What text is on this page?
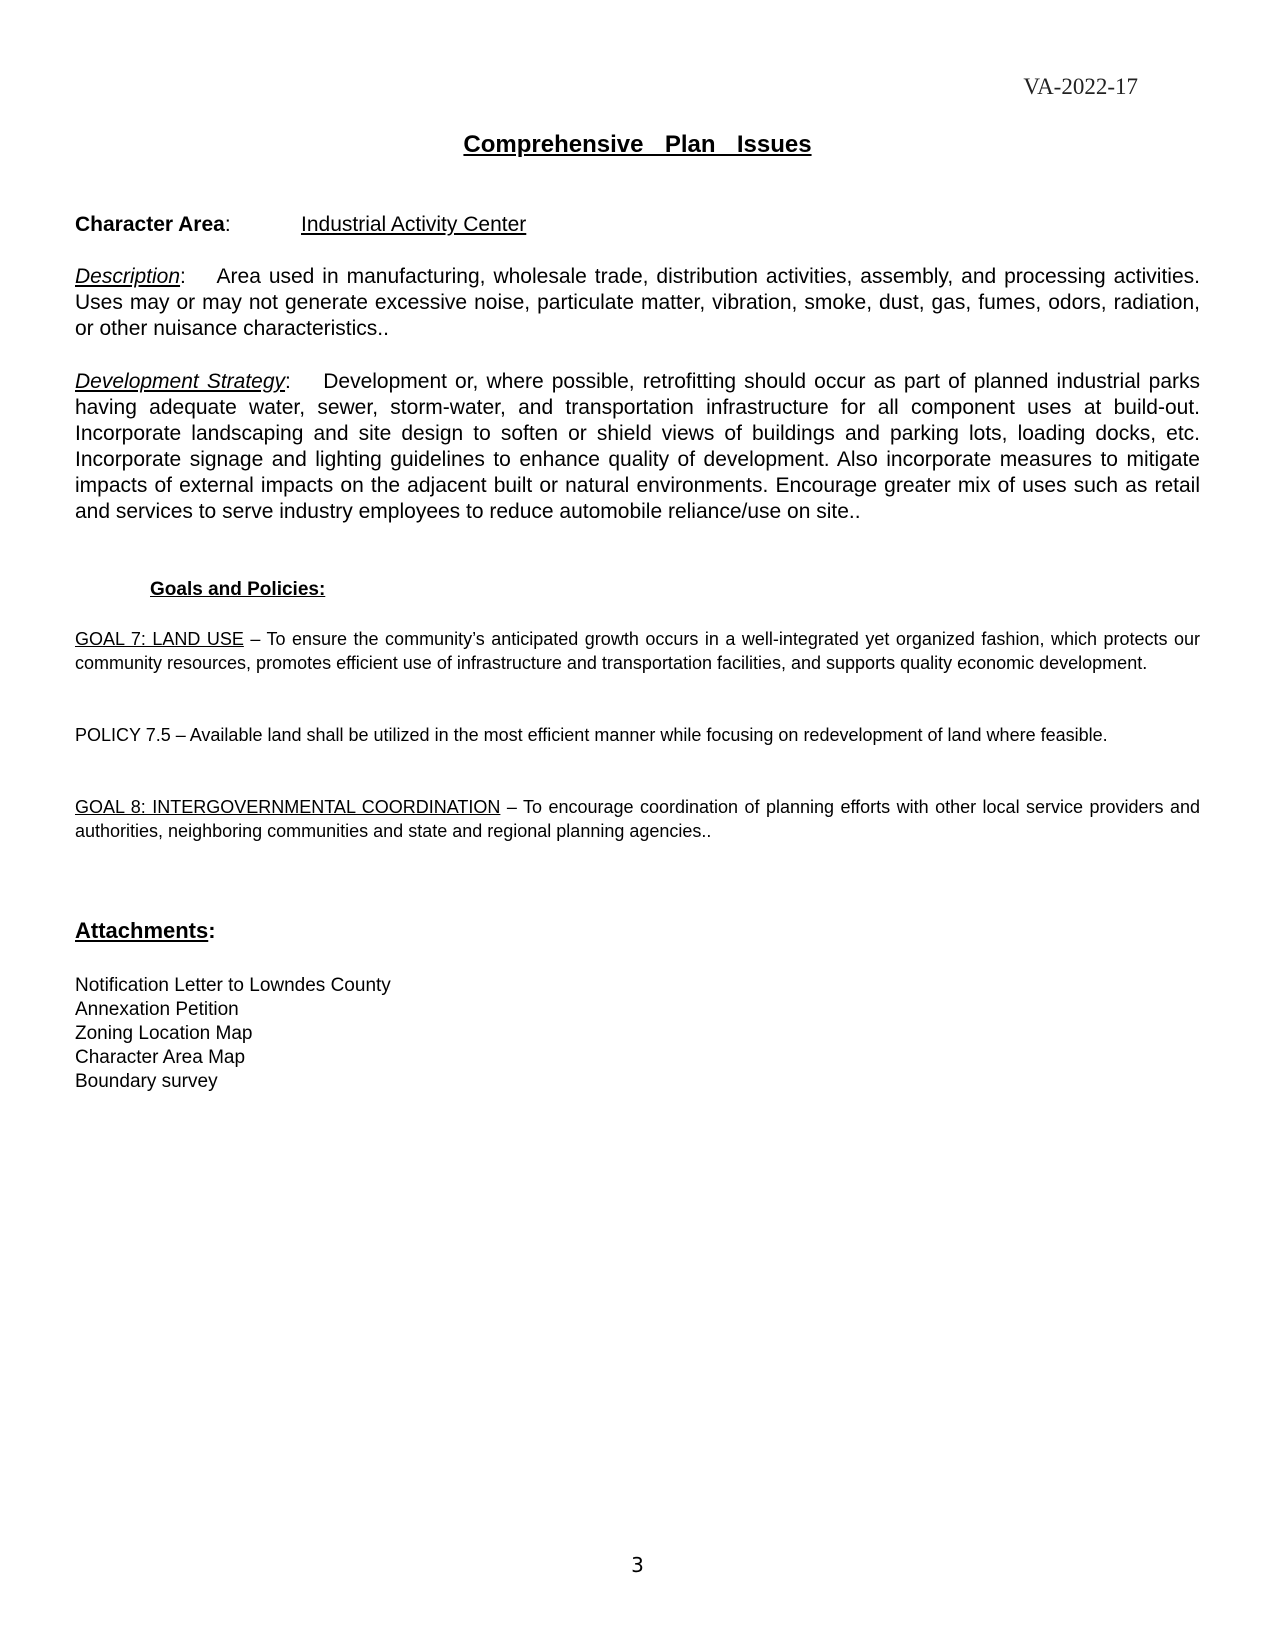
VA-2022-17
Comprehensive  Plan  Issues
Character Area:	Industrial Activity Center
Description: Area used in manufacturing, wholesale trade, distribution activities, assembly, and processing activities. Uses may or may not generate excessive noise, particulate matter, vibration, smoke, dust, gas, fumes, odors, radiation, or other nuisance characteristics..
Development Strategy: Development or, where possible, retrofitting should occur as part of planned industrial parks having adequate water, sewer, storm-water, and transportation infrastructure for all component uses at build-out. Incorporate landscaping and site design to soften or shield views of buildings and parking lots, loading docks, etc. Incorporate signage and lighting guidelines to enhance quality of development. Also incorporate measures to mitigate impacts of external impacts on the adjacent built or natural environments. Encourage greater mix of uses such as retail and services to serve industry employees to reduce automobile reliance/use on site..
Goals and Policies:
GOAL 7: LAND USE – To ensure the community’s anticipated growth occurs in a well-integrated yet organized fashion, which protects our community resources, promotes efficient use of infrastructure and transportation facilities, and supports quality economic development.
POLICY 7.5 – Available land shall be utilized in the most efficient manner while focusing on redevelopment of land where feasible.
GOAL 8: INTERGOVERNMENTAL COORDINATION – To encourage coordination of planning efforts with other local service providers and authorities, neighboring communities and state and regional planning agencies..
Attachments:
Notification Letter to Lowndes County
Annexation Petition
Zoning Location Map
Character Area Map
Boundary survey
3
